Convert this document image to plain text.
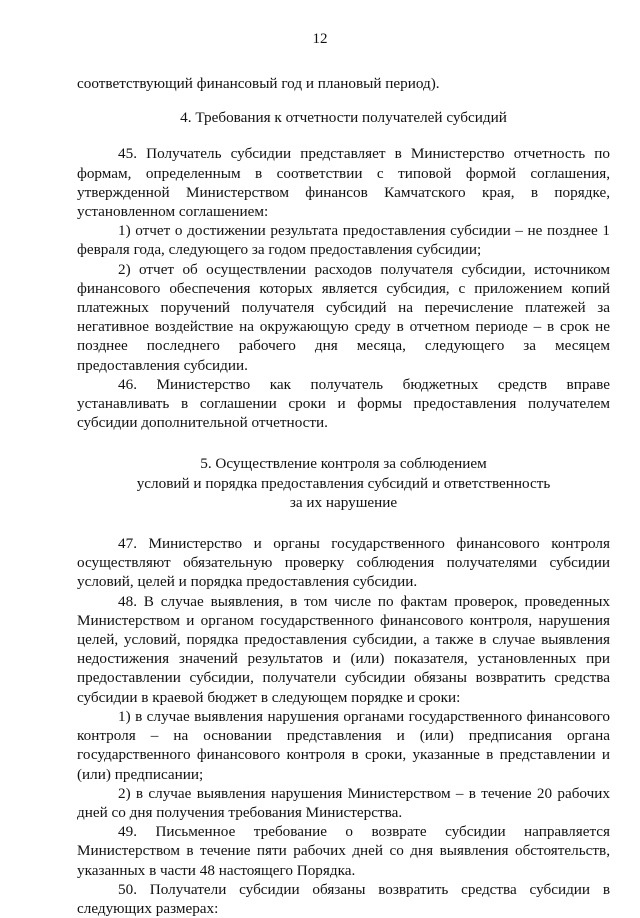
12

соответствующий финансовый год и плановый период).

4. Требования к отчетности получателей субсидий

45. Получатель субсидии представляет в Министерство отчетность по формам, определенным в соответствии с типовой формой соглашения, утвержденной Министерством финансов Камчатского края, в порядке, установленном соглашением:

1) отчет о достижении результата предоставления субсидии – не позднее 1 февраля года, следующего за годом предоставления субсидии;

2) отчет об осуществлении расходов получателя субсидии, источником финансового обеспечения которых является субсидия, с приложением копий платежных поручений получателя субсидий на перечисление платежей за негативное воздействие на окружающую среду в отчетном периоде – в срок не позднее последнего рабочего дня месяца, следующего за месяцем предоставления субсидии.

46. Министерство как получатель бюджетных средств вправе устанавливать в соглашении сроки и формы предоставления получателем субсидии дополнительной отчетности.

5. Осуществление контроля за соблюдением

условий и порядка предоставления субсидий и ответственность

за их нарушение

47. Министерство и органы государственного финансового контроля осуществляют обязательную проверку соблюдения получателями субсидии условий, целей и порядка предоставления субсидии.

48. В случае выявления, в том числе по фактам проверок, проведенных Министерством и органом государственного финансового контроля, нарушения целей, условий, порядка предоставления субсидии, а также в случае выявления недостижения значений результатов и (или) показателя, установленных при предоставлении субсидии, получатели субсидии обязаны возвратить средства субсидии в краевой бюджет в следующем порядке и сроки:

1) в случае выявления нарушения органами государственного финансового контроля – на основании представления и (или) предписания органа государственного финансового контроля в сроки, указанные в представлении и (или) предписании;

2) в случае выявления нарушения Министерством – в течение 20 рабочих дней со дня получения требования Министерства.

49. Письменное требование о возврате субсидии направляется Министерством в течение пяти рабочих дней со дня выявления обстоятельств, указанных в части 48 настоящего Порядка.

50. Получатели субсидии обязаны возвратить средства субсидии в следующих размерах:
